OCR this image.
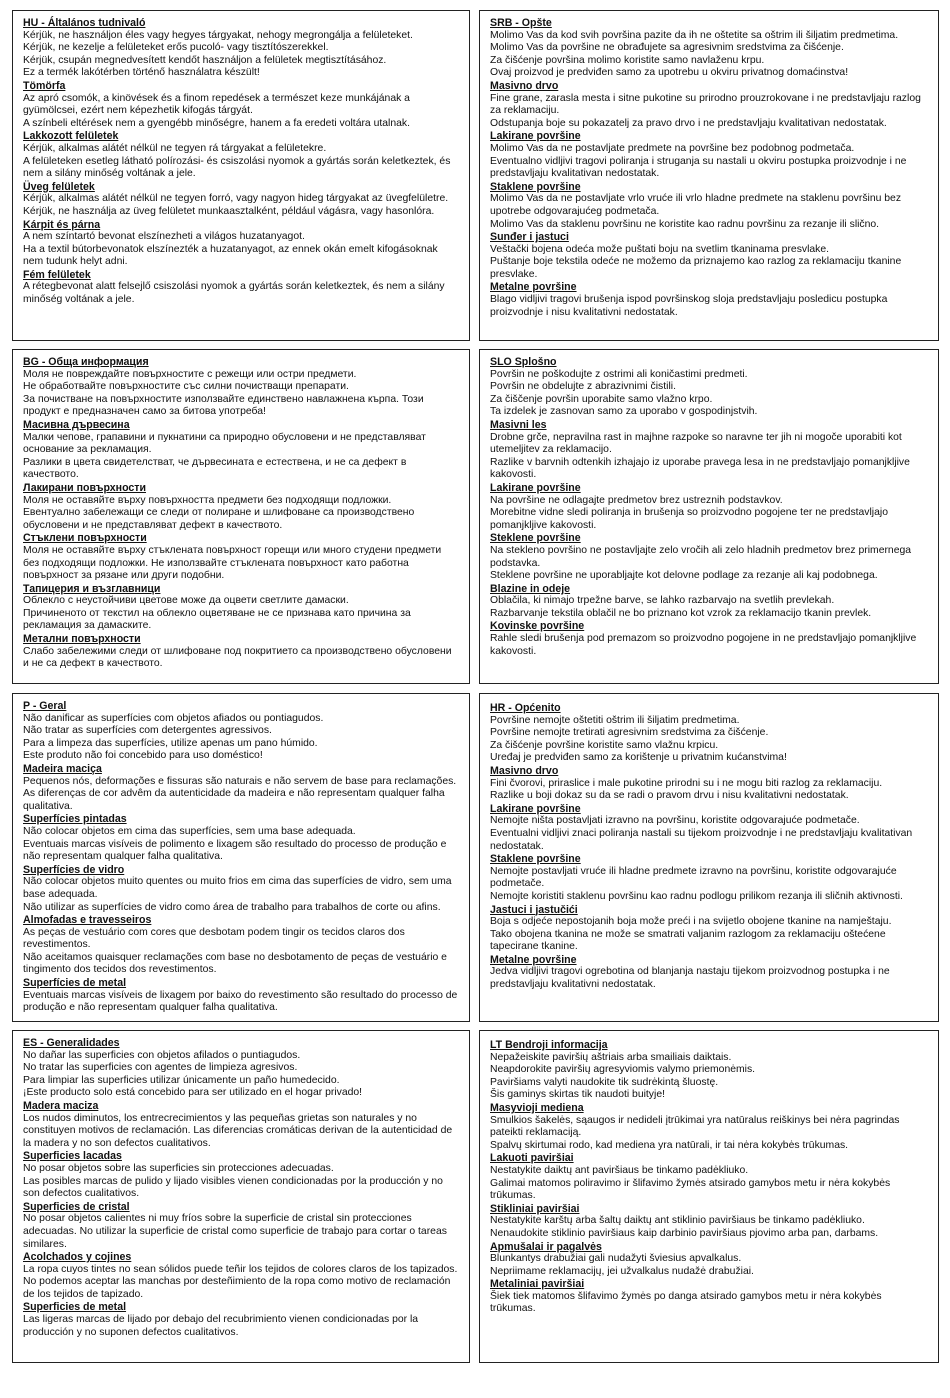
HU - Általános tudnivaló

Kérjük, ne használjon éles vagy hegyes tárgyakat, nehogy megrongálja a felületeket.

Kérjük, ne kezelje a felületeket erős pucoló- vagy tisztítószerekkel.

Kérjük, csupán megnedvesített kendőt használjon a felületek megtisztításához.

Ez a termék lakótérben történő használatra készült!

Tömörfa

Az apró csomók, a kinövések és a finom repedések a természet keze munkájának a gyümölcsei, ezért nem képezhetik kifogás tárgyát.

A színbeli eltérések nem a gyengébb minőségre, hanem a fa eredeti voltára utalnak.

Lakkozott felületek

Kérjük, alkalmas alátét nélkül ne tegyen rá tárgyakat a felületekre.

A felületeken esetleg látható polírozási- és csiszolási nyomok a gyártás során keletkeztek, és nem a silány minőség voltának a jele.

Üveg felületek

Kérjük, alkalmas alátét nélkül ne tegyen forró, vagy nagyon hideg tárgyakat az üvegfelületre.

Kérjük, ne használja az üveg felületet munkaasztalként, például vágásra, vagy hasonlóra.

Kárpit és párna

A nem színtartó bevonat elszínezheti a világos huzatanyagot.

Ha a textil bútorbevonatok elszínezték a huzatanyagot, az ennek okán emelt kifogásoknak nem tudunk helyt adni.

Fém felületek

A rétegbevonat alatt felsejlő csiszolási nyomok a gyártás során keletkeztek, és nem a silány minőség voltának a jele.

SRB - Opšte

Molimo Vas da kod svih površina pazite da ih ne oštetite sa oštrim ili šiljatim predmetima.

Molimo Vas da površine ne obrađujete sa agresivnim sredstvima za čišćenje.

Za čišćenje površina molimo koristite samo navlaženu krpu.

Ovaj proizvod je predviđen samo za upotrebu u okviru privatnog domaćinstva!

Masivno drvo

Fine grane, zarasla mesta i sitne pukotine su prirodno prouzrokovane i ne predstavljaju razlog za reklamaciju.

Odstupanja boje su pokazatelj za pravo drvo i ne predstavljaju kvalitativan nedostatak.

Lakirane površine

Molimo Vas da ne postavljate predmete na površine bez podobnog podmetača.

Eventualno vidljivi tragovi poliranja i struganja su nastali u okviru postupka proizvodnje i ne predstavljaju kvalitativan nedostatak.

Staklene površine

Molimo Vas da ne postavljate vrlo vruće ili vrlo hladne predmete na staklenu površinu bez upotrebe odgovarajućeg podmetača.

Molimo Vas da staklenu površinu ne koristite kao radnu površinu za rezanje ili slično.

Sunđer i jastuci

Veštački bojena odeća može puštati boju na svetlim tkaninama presvlake.

Puštanje boje tekstila odeće ne možemo da priznajemo kao razlog za reklamaciju tkanine presvlake.

Metalne površine

Blago vidljivi tragovi brušenja ispod površinskog sloja predstavljaju posledicu postupka proizvodnje i nisu kvalitativni nedostatak.

BG - Обща информация

Моля не повреждайте повърхностите с режещи или остри предмети.

Не обработвайте повърхностите със силни почистващи препарати.

За почистване на повърхностите използвайте единствено навлажнена кърпа. Този продукт е предназначен само за битова употреба!

Масивна дървесина

Малки чепове, грапавини и пукнатини са природно обусловени и не представляват основание за рекламация.

Разлики в цвета свидетелстват, че дървесината е естествена, и не са дефект в качеството.

Лакирани повърхности

Моля не оставяйте върху повърхността предмети без подходящи подложки.

Евентуално забележащи се следи от полиране и шлифоване са производствено обусловени и не представляват дефект в качеството.

Стъклени повърхности

Моля не оставяйте върху стъклената повърхност горещи или много студени предмети без подходящи подложки. Не използвайте стъклената повърхност като работна повърхност за рязане или други подобни.

Тапицерия и възглавници

Облекло с неустойчиви цветове може да оцвети светлите дамаски.

Причиненото от текстил на облекло оцветяване не се признава като причина за рекламация за дамаските.

Метални повърхности

Слабо забележими следи от шлифоване под покритието са производствено обусловени и не са дефект в качеството.

SLO Splošno

Površin ne poškodujte z ostrimi ali koničastimi predmeti.

Površin ne obdelujte z abrazivnimi čistili.

Za čiščenje površin uporabite samo vlažno krpo.

Ta izdelek je zasnovan samo za uporabo v gospodinjstvih.

Masivni les

Drobne grče, nepravilna rast in majhne razpoke so naravne ter jih ni mogoče uporabiti kot utemeljitev za reklamacijo.

Razlike v barvnih odtenkih izhajajo iz uporabe pravega lesa in ne predstavljajo pomanjkljive kakovosti.

Lakirane površine

Na površine ne odlagajte predmetov brez ustreznih podstavkov.

Morebitne vidne sledi poliranja in brušenja so proizvodno pogojene ter ne predstavljajo pomanjkljive kakovosti.

Steklene površine

Na stekleno površino ne postavljajte zelo vročih ali zelo hladnih predmetov brez primernega podstavka.

Steklene površine ne uporabljajte kot delovne podlage za rezanje ali kaj podobnega.

Blazine in odeje

Oblačila, ki nimajo trpežne barve, se lahko razbarvajo na svetlih prevlekah.

Razbarvanje tekstila oblačil ne bo priznano kot vzrok za reklamacijo tkanin prevlek.

Kovinske površine

Rahle sledi brušenja pod premazom so proizvodno pogojene in ne predstavljajo pomanjkljive kakovosti.

P - Geral

Não danificar as superfícies com objetos afiados ou pontiagudos.

Não tratar as superfícies com detergentes agressivos.

Para a limpeza das superfícies, utilize apenas um pano húmido.

Este produto não foi concebido para uso doméstico!

Madeira maciça

Pequenos nós, deformações e fissuras são naturais e não servem de base para reclamações.

As diferenças de cor advêm da autenticidade da madeira e não representam qualquer falha qualitativa.

Superfícies pintadas

Não colocar objetos em cima das superfícies, sem uma base adequada.

Eventuais marcas visíveis de polimento e lixagem são resultado do processo de produção e não representam qualquer falha qualitativa.

Superfícies de vidro

Não colocar objetos muito quentes ou muito frios em cima das superfícies de vidro, sem uma base adequada.

Não utilizar as superfícies de vidro como área de trabalho para trabalhos de corte ou afins.

Almofadas e travesseiros

As peças de vestuário com cores que desbotam podem tingir os tecidos claros dos revestimentos.

Não aceitamos quaisquer reclamações com base no desbotamento de peças de vestuário e tingimento dos tecidos dos revestimentos.

Superfícies de metal

Eventuais marcas visíveis de lixagem por baixo do revestimento são resultado do processo de produção e não representam qualquer falha qualitativa.

HR - Općenito

Površine nemojte oštetiti oštrim ili šiljatim predmetima.

Površine nemojte tretirati agresivnim sredstvima za čišćenje.

Za čišćenje površine koristite samo vlažnu krpicu.

Uređaj je predviđen samo za korištenje u privatnim kućanstvima!

Masivno drvo

Fini čvorovi, priraslice i male pukotine prirodni su i ne mogu biti razlog za reklamaciju.

Razlike u boji dokaz su da se radi o pravom drvu i nisu kvalitativni nedostatak.

Lakirane površine

Nemojte ništa postavljati izravno na površinu, koristite odgovarajuće podmetače.

Eventualni vidljivi znaci poliranja nastali su tijekom proizvodnje i ne predstavljaju kvalitativan nedostatak.

Staklene površine

Nemojte postavljati vruće ili hladne predmete izravno na površinu, koristite odgovarajuće podmetače.

Nemojte koristiti staklenu površinu kao radnu podlogu prilikom rezanja ili sličnih aktivnosti.

Jastuci i jastučići

Boja s odjeće nepostojanih boja može preći i na svijetlo obojene tkanine na namještaju.

Tako obojena tkanina ne može se smatrati valjanim razlogom za reklamaciju oštećene tapecirane tkanine.

Metalne površine

Jedva vidljivi tragovi ogrebotina od blanjanja nastaju tijekom proizvodnog postupka i ne predstavljaju kvalitativni nedostatak.

ES - Generalidades

No dañar las superficies con objetos afilados o puntiagudos.

No tratar las superficies con agentes de limpieza agresivos.

Para limpiar las superficies utilizar únicamente un paño humedecido.

¡Este producto solo está concebido para ser utilizado en el hogar privado!

Madera maciza

Los nudos diminutos, los entrecrecimientos y las pequeñas grietas son naturales y no constituyen motivos de reclamación. Las diferencias cromáticas derivan de la autenticidad de la madera y no son defectos cualitativos.

Superficies lacadas

No posar objetos sobre las superficies sin protecciones adecuadas.

Las posibles marcas de pulido y lijado visibles vienen condicionadas por la producción y no son defectos cualitativos.

Superficies de cristal

No posar objetos calientes ni muy fríos sobre la superficie de cristal sin protecciones adecuadas. No utilizar la superficie de cristal como superficie de trabajo para cortar o tareas similares.

Acolchados y cojines

La ropa cuyos tintes no sean sólidos puede teñir los tejidos de colores claros de los tapizados.

No podemos aceptar las manchas por desteñimiento de la ropa como motivo de reclamación de los tejidos de tapizado.

Superficies de metal

Las ligeras marcas de lijado por debajo del recubrimiento vienen condicionadas por la producción y no suponen defectos cualitativos.

LT Bendroji informacija

Nepažeiskite paviršių aštriais arba smailiais daiktais.

Neapdorokite paviršių agresyviomis valymo priemonėmis.

Paviršiams valyti naudokite tik sudrėkintą šluostę.

Šis gaminys skirtas tik naudoti buityje!

Masyvioji mediena

Smulkios šakelės, sąaugos ir nedideli įtrūkimai yra natūralus reiškinys bei nėra pagrindas pateikti reklamaciją.

Spalvų skirtumai rodo, kad mediena yra natūrali, ir tai nėra kokybės trūkumas.

Lakuoti paviršiai

Nestatykite daiktų ant paviršiaus be tinkamo padėkliuko.

Galimai matomos poliravimo ir šlifavimo žymės atsirado gamybos metu ir nėra kokybės trūkumas.

Stikliniai paviršiai

Nestatykite karštų arba šaltų daiktų ant stiklinio paviršiaus be tinkamo padėkliuko.

Nenaudokite stiklinio paviršiaus kaip darbinio paviršiaus pjovimo arba pan, darbams.

Apmušalai ir pagalvės

Blunkantys drabužiai gali nudažyti šviesius apvalkalus.

Nepriimame reklamacijų, jei užvalkalus nudažė drabužiai.

Metaliniai paviršiai

Šiek tiek matomos šlifavimo žymės po danga atsirado gamybos metu ir nėra kokybės trūkumas.
